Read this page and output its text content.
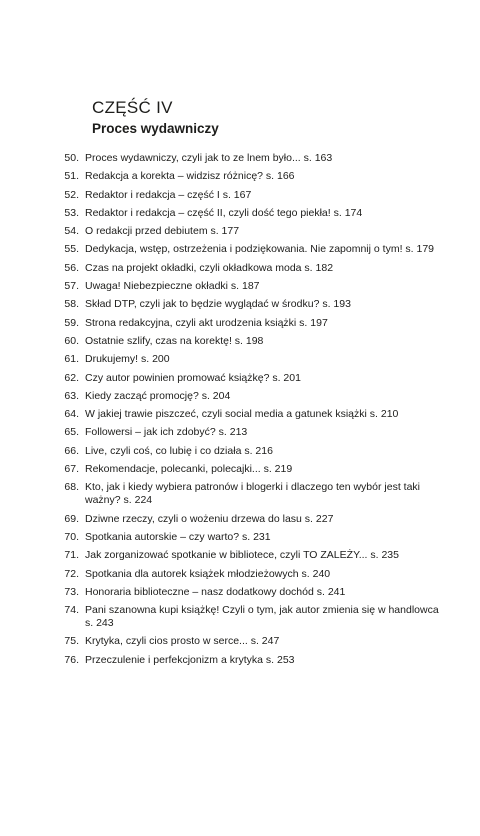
CZĘŚĆ IV
Proces wydawniczy
50. Proces wydawniczy, czyli jak to ze lnem było... s. 163
51. Redakcja a korekta – widzisz różnicę? s. 166
52. Redaktor i redakcja – część I s. 167
53. Redaktor i redakcja – część II, czyli dość tego piekła! s. 174
54. O redakcji przed debiutem s. 177
55. Dedykacja, wstęp, ostrzeżenia i podziękowania. Nie zapomnij o tym! s. 179
56. Czas na projekt okładki, czyli okładkowa moda s. 182
57. Uwaga! Niebezpieczne okładki s. 187
58. Skład DTP, czyli jak to będzie wyglądać w środku? s. 193
59. Strona redakcyjna, czyli akt urodzenia książki s. 197
60. Ostatnie szlify, czas na korektę! s. 198
61. Drukujemy! s. 200
62. Czy autor powinien promować książkę? s. 201
63. Kiedy zacząć promocję? s. 204
64. W jakiej trawie piszczeć, czyli social media a gatunek książki s. 210
65. Followersi – jak ich zdobyć? s. 213
66. Live, czyli coś, co lubię i co działa s. 216
67. Rekomendacje, polecanki, polecajki... s. 219
68. Kto, jak i kiedy wybiera patronów i blogerki i dlaczego ten wybór jest taki ważny? s. 224
69. Dziwne rzeczy, czyli o wożeniu drzewa do lasu s. 227
70. Spotkania autorskie – czy warto? s. 231
71. Jak zorganizować spotkanie w bibliotece, czyli TO ZALEŻY... s. 235
72. Spotkania dla autorek książek młodzieżowych s. 240
73. Honoraria biblioteczne – nasz dodatkowy dochód s. 241
74. Pani szanowna kupi książkę! Czyli o tym, jak autor zmienia się w handlowca s. 243
75. Krytyka, czyli cios prosto w serce... s. 247
76. Przeczulenie i perfekcjonizm a krytyka s. 253
